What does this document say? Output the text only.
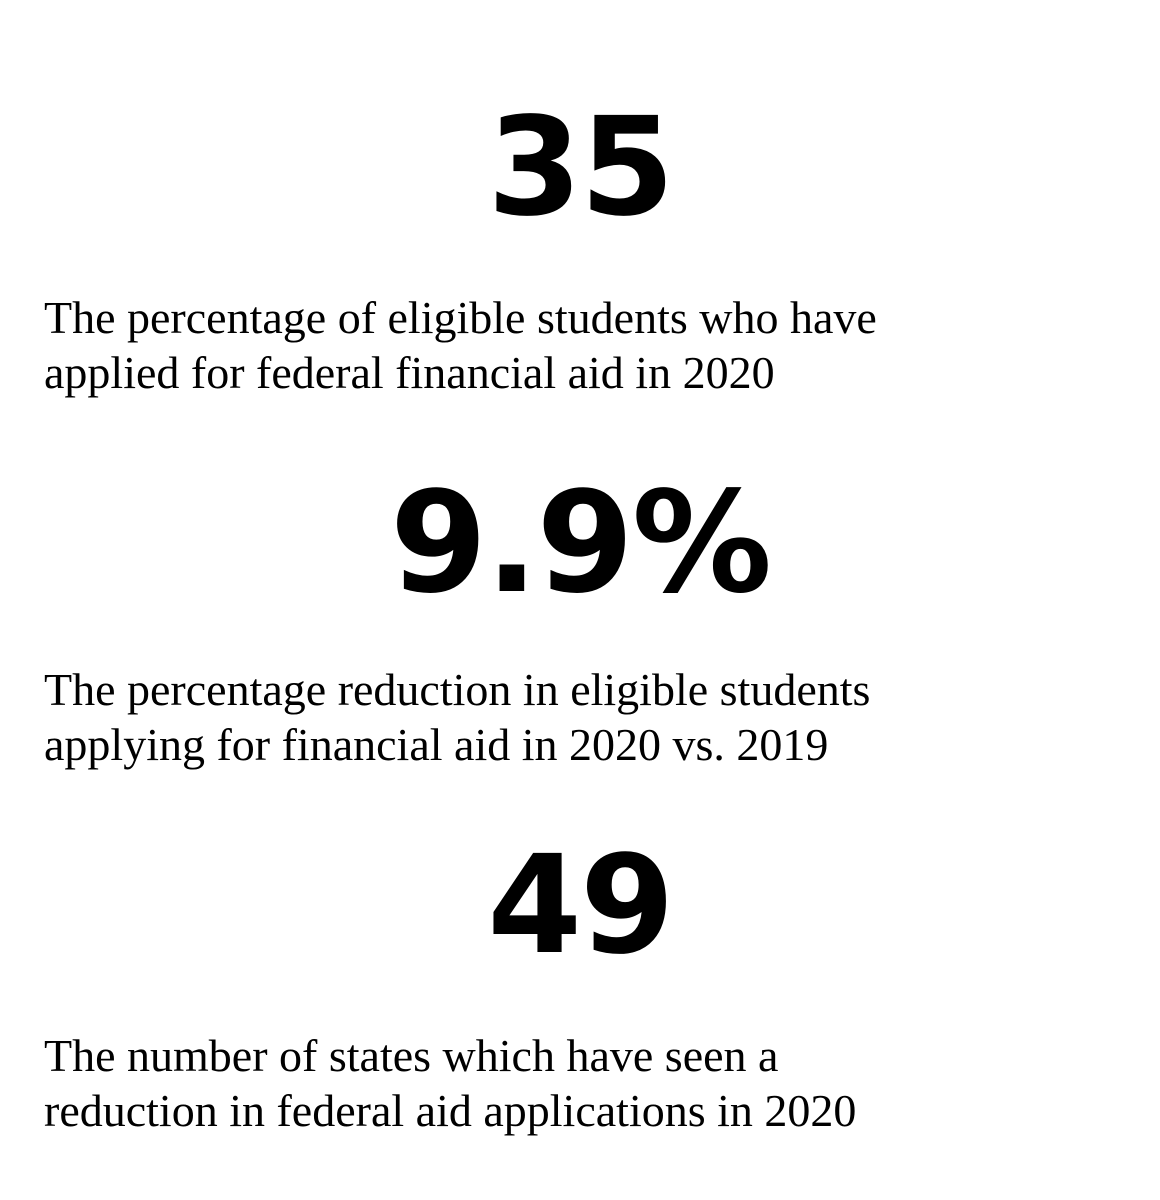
35

The percentage of eligible students who have
applied for federal financial aid in 2020

9.9%

The percentage reduction in eligible students
applying for financial aid in 2020 vs. 2019

49

The number of states which have seen a
reduction in federal aid applications in 2020
